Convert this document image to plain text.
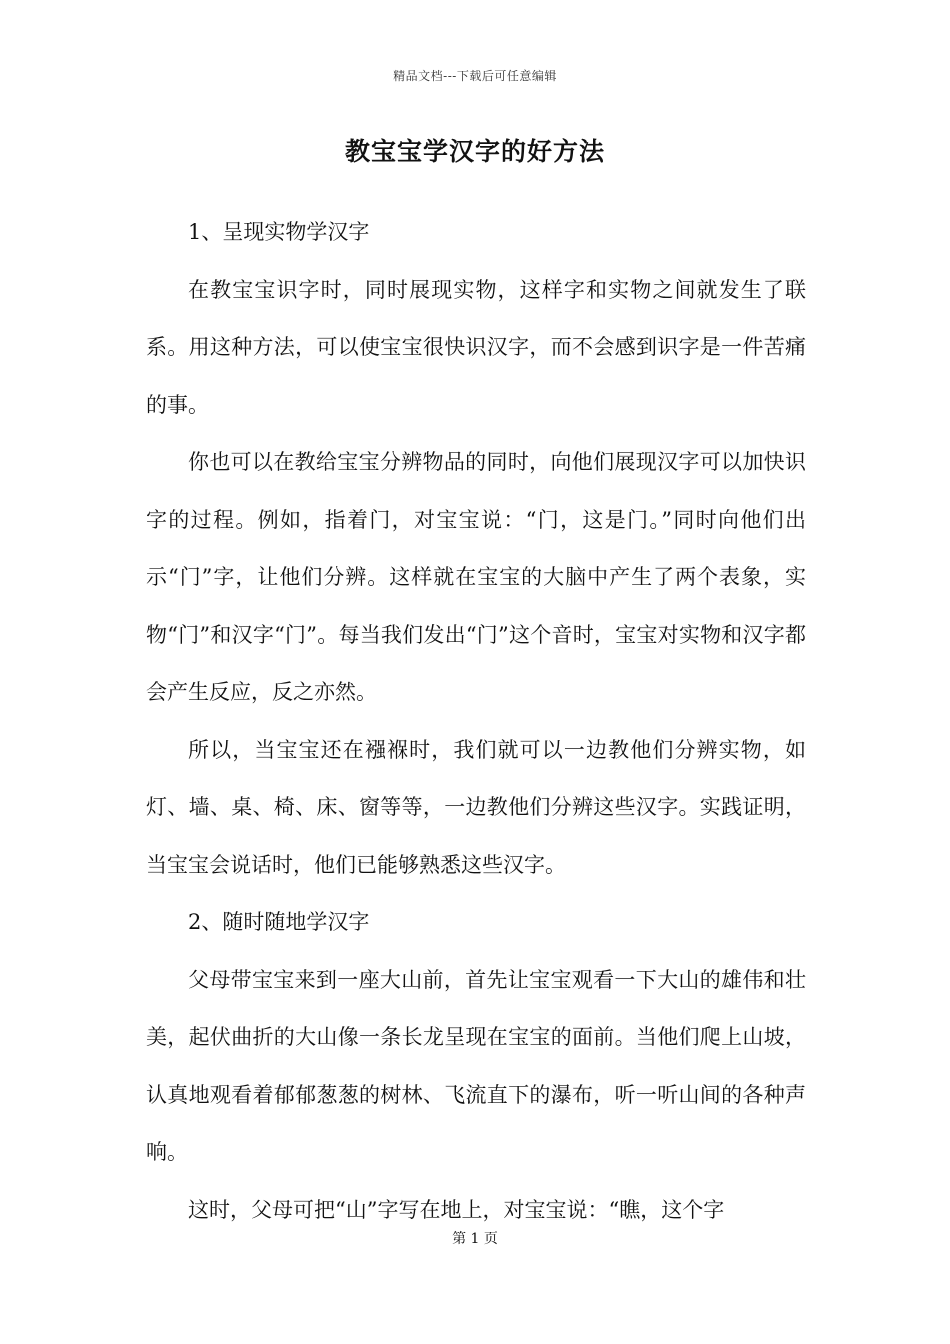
精品文档---下载后可任意编辑
教宝宝学汉字的好方法

1、呈现实物学汉字

在教宝宝识字时，同时展现实物，这样字和实物之间就发生了联系。用这种方法，可以使宝宝很快识汉字，而不会感到识字是一件苦痛的事。

你也可以在教给宝宝分辨物品的同时，向他们展现汉字可以加快识字的过程。例如，指着门，对宝宝说：“门，这是门。”同时向他们出示“门”字，让他们分辨。这样就在宝宝的大脑中产生了两个表象，实物“门”和汉字“门”。每当我们发出“门”这个音时，宝宝对实物和汉字都会产生反应，反之亦然。

所以，当宝宝还在襁褓时，我们就可以一边教他们分辨实物，如灯、墙、桌、椅、床、窗等等，一边教他们分辨这些汉字。实践证明，当宝宝会说话时，他们已能够熟悉这些汉字。

2、随时随地学汉字

父母带宝宝来到一座大山前，首先让宝宝观看一下大山的雄伟和壮美，起伏曲折的大山像一条长龙呈现在宝宝的面前。当他们爬上山坡，认真地观看着郁郁葱葱的树林、飞流直下的瀑布，听一听山间的各种声响。

这时，父母可把“山”字写在地上，对宝宝说：“瞧，这个字

第 1 页
